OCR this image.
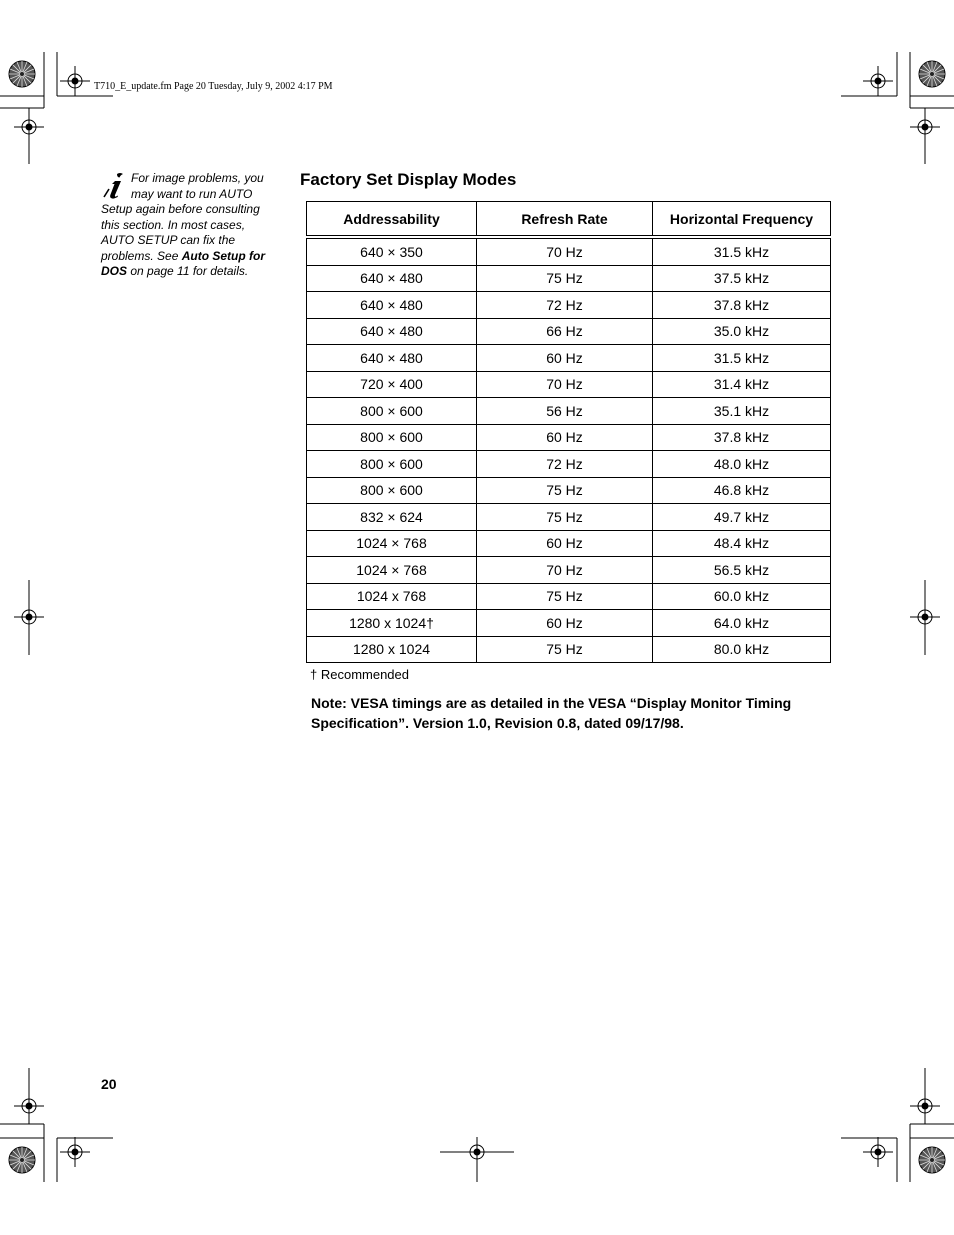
T710_E_update.fm Page 20 Tuesday, July 9, 2002 4:17 PM
For image problems, you may want to run AUTO Setup again before consulting this section. In most cases, AUTO SETUP can fix the problems. See Auto Setup for DOS on page 11 for details.
Factory Set Display Modes
Addressability	Refresh Rate	Horizontal Frequency
640 × 350	70 Hz	31.5 kHz
640 × 480	75 Hz	37.5 kHz
640 × 480	72 Hz	37.8 kHz
640 × 480	66 Hz	35.0 kHz
640 × 480	60 Hz	31.5 kHz
720 × 400	70 Hz	31.4 kHz
800 × 600	56 Hz	35.1 kHz
800 × 600	60 Hz	37.8 kHz
800 × 600	72 Hz	48.0 kHz
800 × 600	75 Hz	46.8 kHz
832 × 624	75 Hz	49.7 kHz
1024 × 768	60 Hz	48.4 kHz
1024 × 768	70 Hz	56.5 kHz
1024 x 768	75 Hz	60.0 kHz
1280 x 1024†	60 Hz	64.0 kHz
1280 x 1024	75 Hz	80.0 kHz
† Recommended
Note: VESA timings are as detailed in the VESA “Display Monitor Timing Specification”. Version 1.0, Revision 0.8, dated 09/17/98.
20
